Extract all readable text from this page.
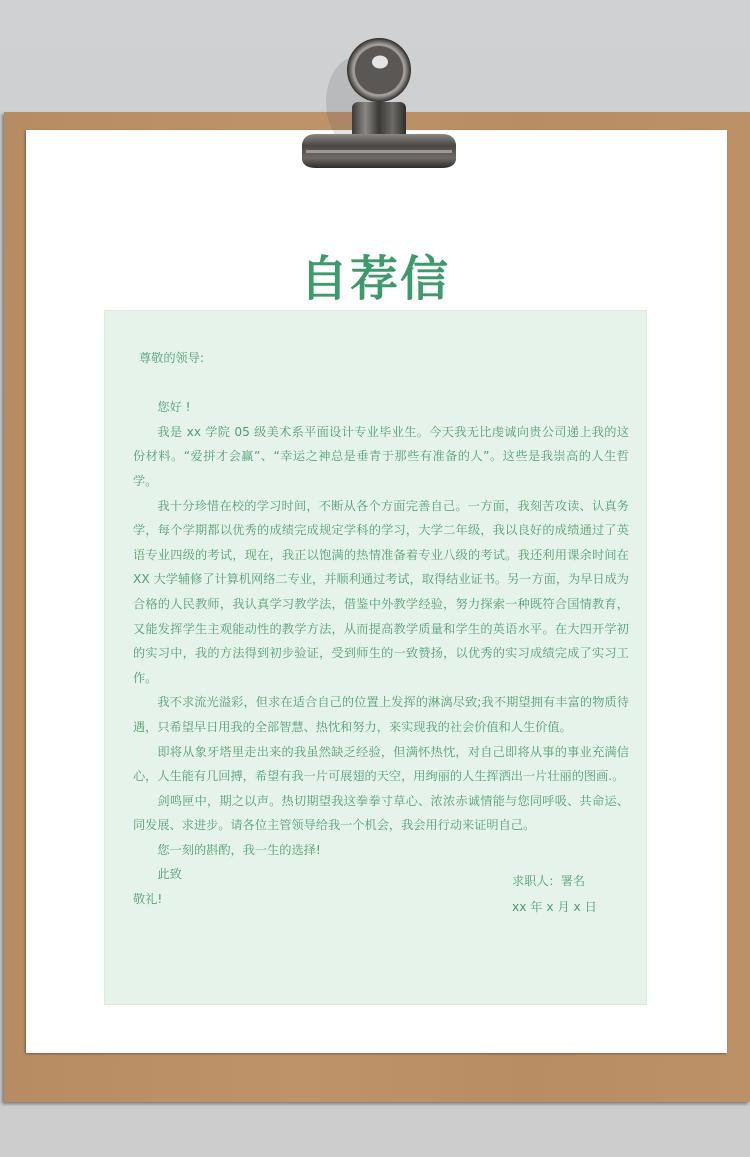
自荐信

尊敬的领导:

您好 !

我是 xx 学院 05 级美术系平面设计专业毕业生。今天我无比虔诚向贵公司递上我的这份材料。“爱拼才会赢”、“幸运之神总是垂青于那些有准备的人”。这些是我崇高的人生哲学。

我十分珍惜在校的学习时间，不断从各个方面完善自己。一方面，我刻苦攻读、认真务学，每个学期都以优秀的成绩完成规定学科的学习，大学二年级，我以良好的成绩通过了英语专业四级的考试，现在，我正以饱满的热情准备着专业八级的考试。我还利用课余时间在 XX 大学辅修了计算机网络二专业，并顺利通过考试，取得结业证书。另一方面，为早日成为合格的人民教师，我认真学习教学法，借鉴中外教学经验，努力探索一种既符合国情教育，又能发挥学生主观能动性的教学方法，从而提高教学质量和学生的英语水平。在大四开学初的实习中，我的方法得到初步验证，受到师生的一致赞扬，以优秀的实习成绩完成了实习工作。

我不求流光溢彩，但求在适合自己的位置上发挥的淋漓尽致;我不期望拥有丰富的物质待遇，只希望早日用我的全部智慧、热忱和努力，来实现我的社会价值和人生价值。

即将从象牙塔里走出来的我虽然缺乏经验，但满怀热忱，对自己即将从事的事业充满信心，人生能有几回搏，希望有我一片可展翅的天空，用绚丽的人生挥洒出一片壮丽的图画.。

剑鸣匣中，期之以声。热切期望我这拳拳寸草心、浓浓赤诚情能与您同呼吸、共命运、同发展、求进步。请各位主管领导给我一个机会，我会用行动来证明自己。

您一刻的斟酌，我一生的选择!

此致

敬礼!

求职人：署名
xx 年 x 月 x 日
